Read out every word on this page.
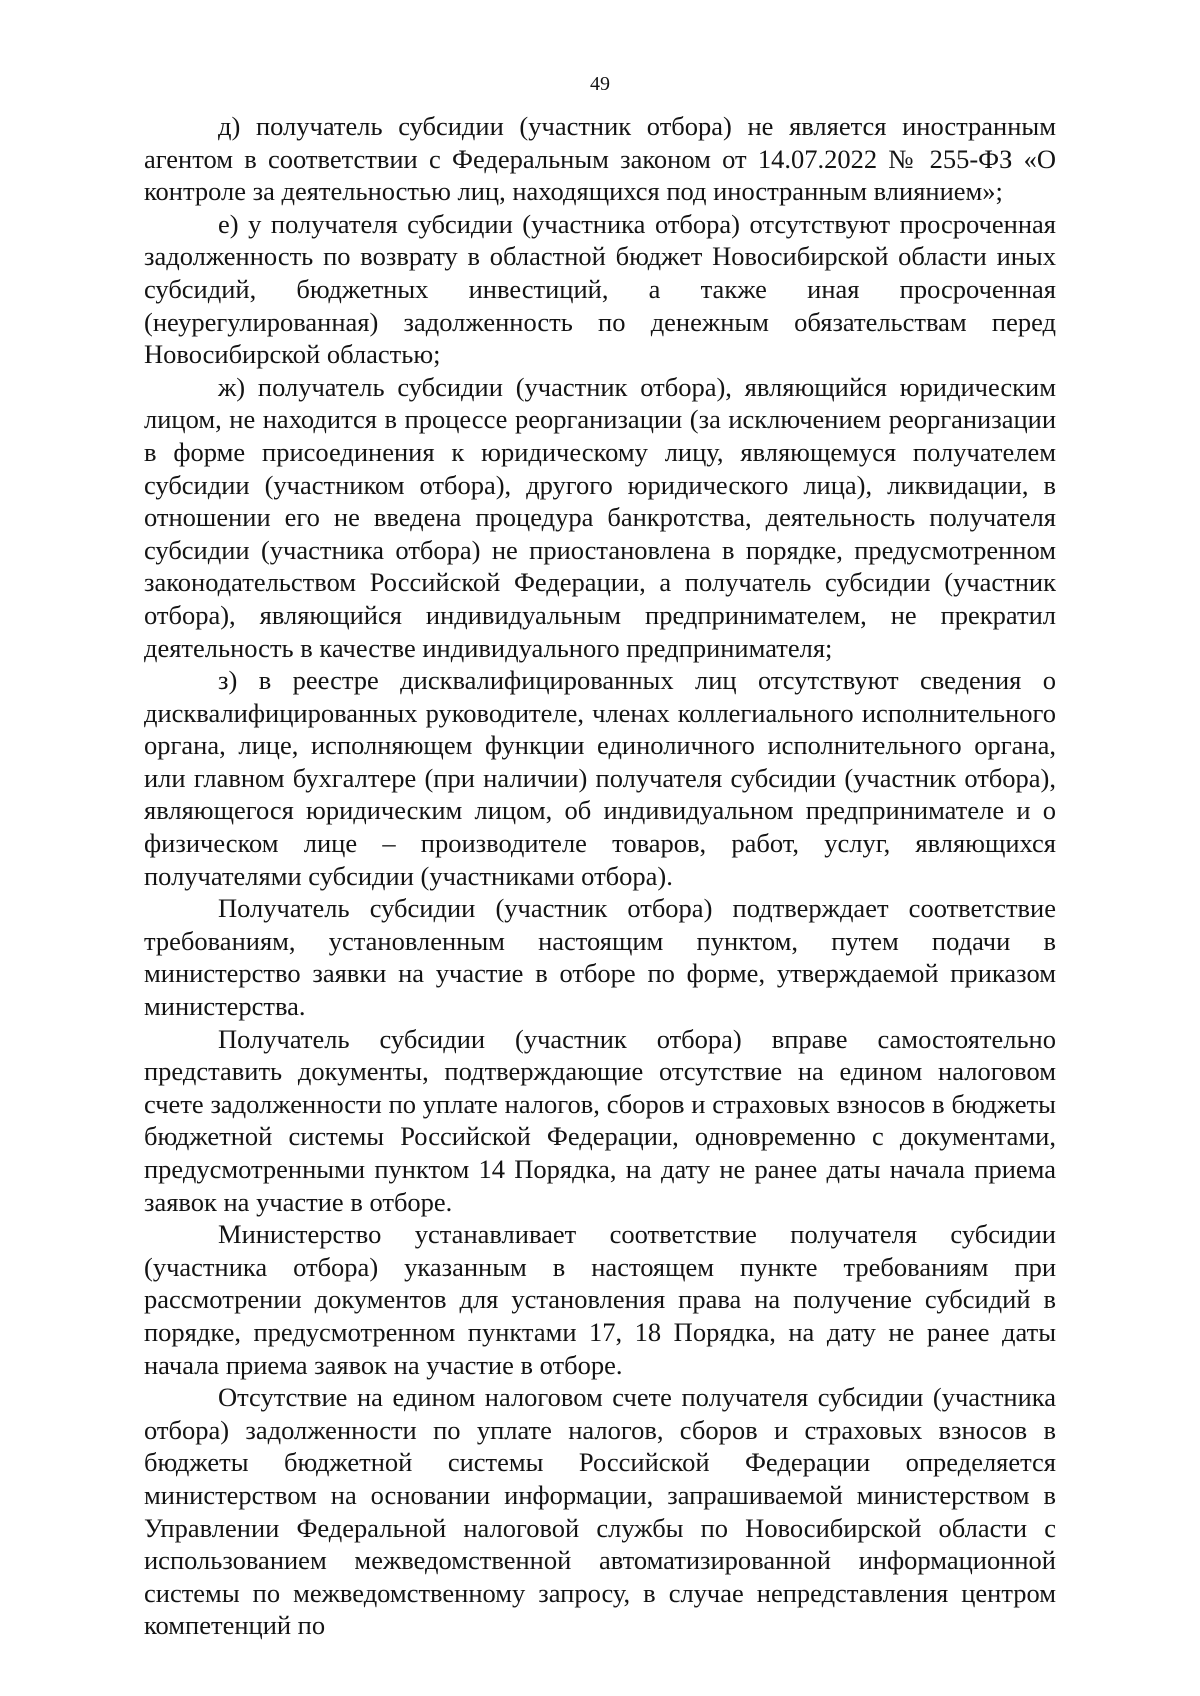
49

д) получатель субсидии (участник отбора) не является иностранным агентом в соответствии с Федеральным законом от 14.07.2022 № 255-ФЗ «О контроле за деятельностью лиц, находящихся под иностранным влиянием»;

е) у получателя субсидии (участника отбора) отсутствуют просроченная задолженность по возврату в областной бюджет Новосибирской области иных субсидий, бюджетных инвестиций, а также иная просроченная (неурегулированная) задолженность по денежным обязательствам перед Новосибирской областью;

ж) получатель субсидии (участник отбора), являющийся юридическим лицом, не находится в процессе реорганизации (за исключением реорганизации в форме присоединения к юридическому лицу, являющемуся получателем субсидии (участником отбора), другого юридического лица), ликвидации, в отношении его не введена процедура банкротства, деятельность получателя субсидии (участника отбора) не приостановлена в порядке, предусмотренном законодательством Российской Федерации, а получатель субсидии (участник отбора), являющийся индивидуальным предпринимателем, не прекратил деятельность в качестве индивидуального предпринимателя;

з) в реестре дисквалифицированных лиц отсутствуют сведения о дисквалифицированных руководителе, членах коллегиального исполнительного органа, лице, исполняющем функции единоличного исполнительного органа, или главном бухгалтере (при наличии) получателя субсидии (участник отбора), являющегося юридическим лицом, об индивидуальном предпринимателе и о физическом лице – производителе товаров, работ, услуг, являющихся получателями субсидии (участниками отбора).

Получатель субсидии (участник отбора) подтверждает соответствие требованиям, установленным настоящим пунктом, путем подачи в министерство заявки на участие в отборе по форме, утверждаемой приказом министерства.

Получатель субсидии (участник отбора) вправе самостоятельно представить документы, подтверждающие отсутствие на едином налоговом счете задолженности по уплате налогов, сборов и страховых взносов в бюджеты бюджетной системы Российской Федерации, одновременно с документами, предусмотренными пунктом 14 Порядка, на дату не ранее даты начала приема заявок на участие в отборе.

Министерство устанавливает соответствие получателя субсидии (участника отбора) указанным в настоящем пункте требованиям при рассмотрении документов для установления права на получение субсидий в порядке, предусмотренном пунктами 17, 18 Порядка, на дату не ранее даты начала приема заявок на участие в отборе.

Отсутствие на едином налоговом счете получателя субсидии (участника отбора) задолженности по уплате налогов, сборов и страховых взносов в бюджеты бюджетной системы Российской Федерации определяется министерством на основании информации, запрашиваемой министерством в Управлении Федеральной налоговой службы по Новосибирской области с использованием межведомственной автоматизированной информационной системы по межведомственному запросу, в случае непредставления центром компетенций по
